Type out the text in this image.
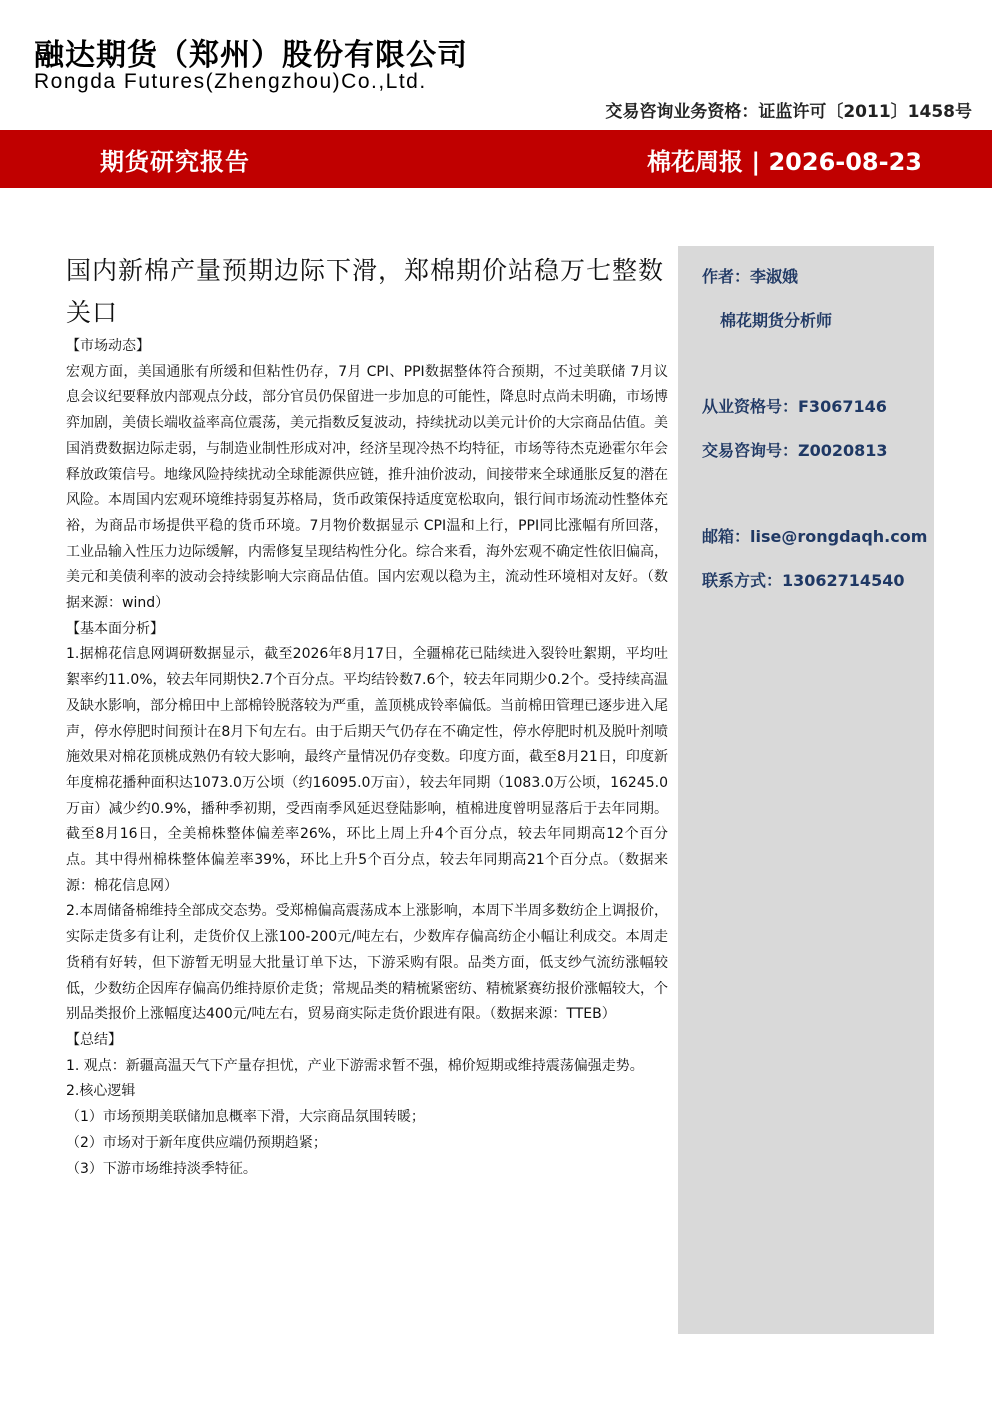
融达期货（郑州）股份有限公司
Rongda Futures(Zhengzhou)Co.,Ltd.
交易咨询业务资格：证监许可〔2011〕1458号
期货研究报告	棉花周报 | 2026-08-23
作者：李淑娥
棉花期货分析师
从业资格号：F3067146
交易咨询号：Z0020813
邮箱：lise@rongdaqh.com
联系方式：13062714540
国内新棉产量预期边际下滑，郑棉期价站稳万七整数关口

【市场动态】

宏观方面，美国通胀有所缓和但粘性仍存，7月 CPI、PPI数据整体符合预期，不过美联储 7月议息会议纪要释放内部观点分歧，部分官员仍保留进一步加息的可能性，降息时点尚未明确，市场博弈加剧，美债长端收益率高位震荡，美元指数反复波动，持续扰动以美元计价的大宗商品估值。美国消费数据边际走弱，与制造业制性形成对冲，经济呈现冷热不均特征，市场等待杰克逊霍尔年会释放政策信号。地缘风险持续扰动全球能源供应链，推升油价波动，间接带来全球通胀反复的潜在风险。本周国内宏观环境维持弱复苏格局，货币政策保持适度宽松取向，银行间市场流动性整体充裕，为商品市场提供平稳的货币环境。7月物价数据显示 CPI温和上行，PPI同比涨幅有所回落，工业品输入性压力边际缓解，内需修复呈现结构性分化。综合来看，海外宏观不确定性依旧偏高，美元和美债利率的波动会持续影响大宗商品估值。国内宏观以稳为主，流动性环境相对友好。（数据来源：wind）

【基本面分析】

1.据棉花信息网调研数据显示，截至2026年8月17日，全疆棉花已陆续进入裂铃吐絮期，平均吐絮率约11.0%，较去年同期快2.7个百分点。平均结铃数7.6个，较去年同期少0.2个。受持续高温及缺水影响，部分棉田中上部棉铃脱落较为严重，盖顶桃成铃率偏低。当前棉田管理已逐步进入尾声，停水停肥时间预计在8月下旬左右。由于后期天气仍存在不确定性，停水停肥时机及脱叶剂喷施效果对棉花顶桃成熟仍有较大影响，最终产量情况仍存变数。印度方面，截至8月21日，印度新年度棉花播种面积达1073.0万公顷（约16095.0万亩），较去年同期（1083.0万公顷，16245.0万亩）减少约0.9%，播种季初期，受西南季风延迟登陆影响，植棉进度曾明显落后于去年同期。截至8月16日，全美棉株整体偏差率26%，环比上周上升4个百分点，较去年同期高12个百分点。其中得州棉株整体偏差率39%，环比上升5个百分点，较去年同期高21个百分点。（数据来源：棉花信息网）

2.本周储备棉维持全部成交态势。受郑棉偏高震荡成本上涨影响，本周下半周多数纺企上调报价，实际走货多有让利，走货价仅上涨100-200元/吨左右，少数库存偏高纺企小幅让利成交。本周走货稍有好转，但下游暂无明显大批量订单下达，下游采购有限。品类方面，低支纱气流纺涨幅较低，少数纺企因库存偏高仍维持原价走货；常规品类的精梳紧密纺、精梳紧赛纺报价涨幅较大，个别品类报价上涨幅度达400元/吨左右，贸易商实际走货价跟进有限。（数据来源：TTEB）

【总结】

1. 观点：新疆高温天气下产量存担忧，产业下游需求暂不强，棉价短期或维持震荡偏强走势。

2.核心逻辑

（1）市场预期美联储加息概率下滑，大宗商品氛围转暖；

（2）市场对于新年度供应端仍预期趋紧；

（3）下游市场维持淡季特征。
